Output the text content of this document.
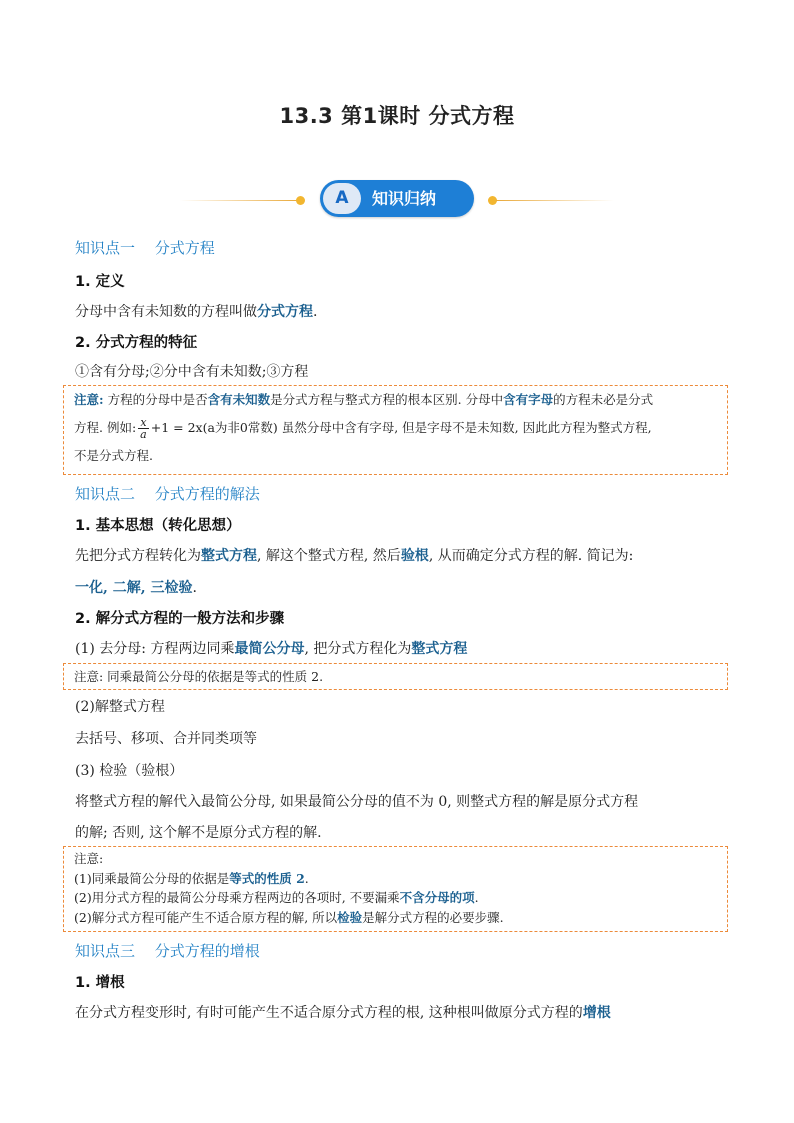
13.3 第1课时 分式方程
A	知识归纳
知识点一　 分式方程
1. 定义
分母中含有未知数的方程叫做分式方程.
2. 分式方程的特征
①含有分母;②分中含有未知数;③方程
注意: 方程的分母中是否含有未知数是分式方程与整式方程的根本区别. 分母中含有字母的方程未必是分式
方程. 例如: $\frac{x}{a} +1 = 2x(a$为非0常数) 虽然分母中含有字母, 但是字母不是未知数, 因此此方程为整式方程,
不是分式方程.
知识点二　 分式方程的解法
1. 基本思想（转化思想）
先把分式方程转化为整式方程, 解这个整式方程, 然后验根, 从而确定分式方程的解. 简记为:
一化, 二解, 三检验.
2. 解分式方程的一般方法和步骤
(1) 去分母: 方程两边同乘最简公分母, 把分式方程化为整式方程
注意: 同乘最简公分母的依据是等式的性质 2.
(2)解整式方程
去括号、移项、合并同类项等
(3) 检验（验根）
将整式方程的解代入最简公分母, 如果最简公分母的值不为 0, 则整式方程的解是原分式方程
的解; 否则, 这个解不是原分式方程的解.
注意:
(1)同乘最简公分母的依据是等式的性质 2.
(2)用分式方程的最简公分母乘方程两边的各项时, 不要漏乘不含分母的项.
(2)解分式方程可能产生不适合原方程的解, 所以检验是解分式方程的必要步骤.
知识点三　 分式方程的增根
1. 增根
在分式方程变形时, 有时可能产生不适合原分式方程的根, 这种根叫做原分式方程的增根
